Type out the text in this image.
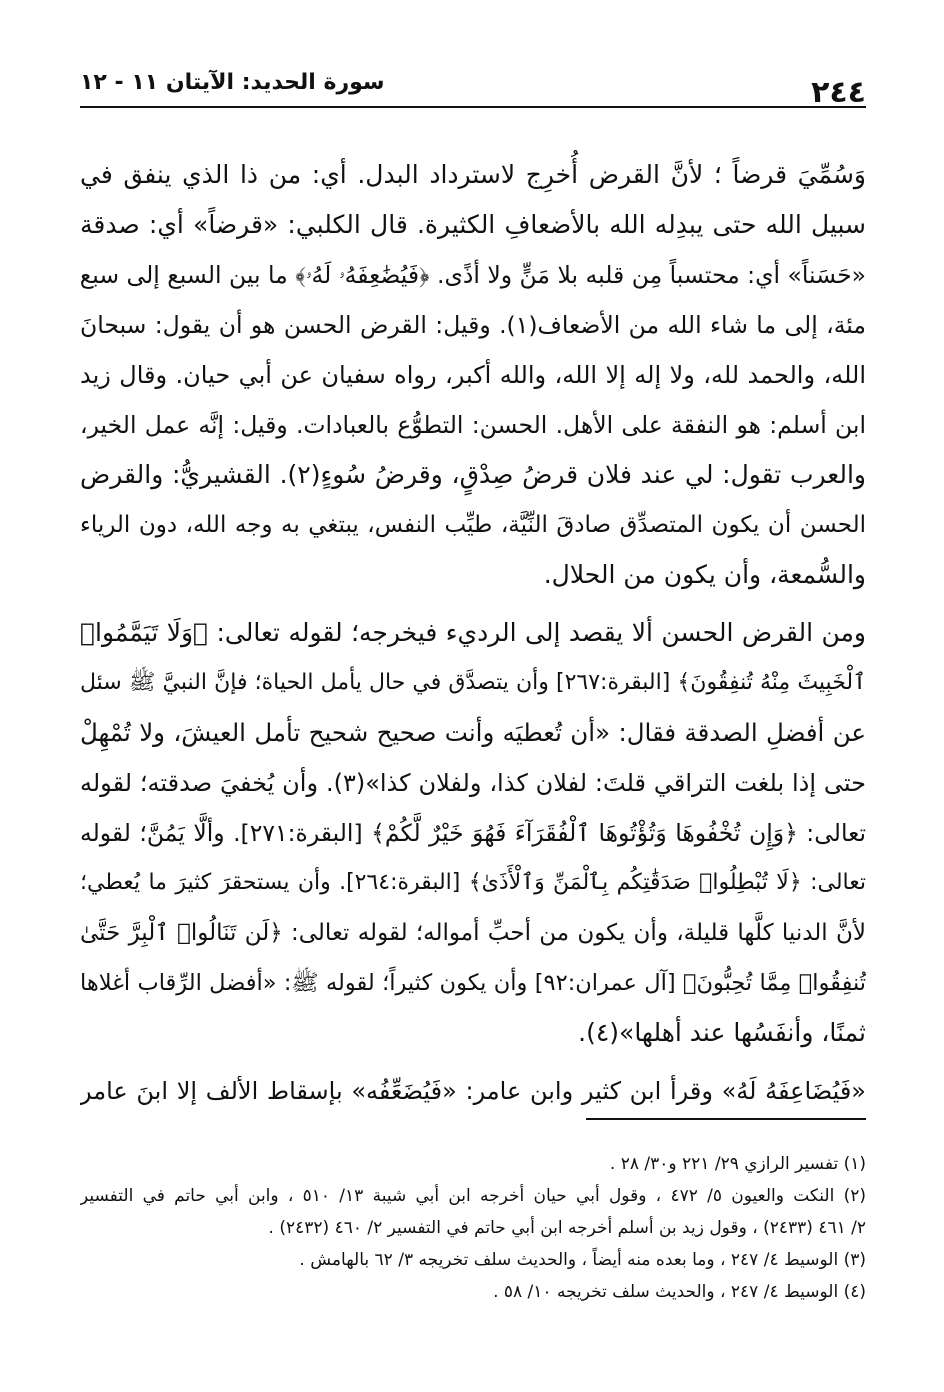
٢٤٤
سورة الحديد: الآيتان ١١ - ١٢
وَسُمِّيَ قرضاً ؛ لأنَّ القرض أُخرِج لاسترداد البدل. أي: من ذا الذي ينفق في
سبيل الله حتى يبدِله الله بالأضعافِ الكثيرة. قال الكلبي: «قرضاً» أي: صدقة
«حَسَناً» أي: محتسباً مِن قلبه بلا مَنٍّ ولا أذًى. ﴿فَيُضَٰعِفَهُۥ لَهُۥ﴾ ما بين السبع إلى سبع
مئة، إلى ما شاء الله من الأضعاف(١). وقيل: القرض الحسن هو أن يقول: سبحانَ
الله، والحمد لله، ولا إله إلا الله، والله أكبر، رواه سفيان عن أبي حيان. وقال زيد
ابن أسلم: هو النفقة على الأهل. الحسن: التطوُّع بالعبادات. وقيل: إنَّه عمل الخير،
والعرب تقول: لي عند فلان قرضُ صِدْقٍ، وقرضُ سُوءٍ(٢). القشيريُّ: والقرض
الحسن أن يكون المتصدِّق صادقَ النِّيَّة، طيِّب النفس، يبتغي به وجه الله، دون الرياء
والسُّمعة، وأن يكون من الحلال.
ومن القرض الحسن ألا يقصد إلى الرديء فيخرجه؛ لقوله تعالى: ﴿وَلَا تَيَمَّمُوا۟
ٱلْخَبِيثَ مِنْهُ تُنفِقُونَ﴾ [البقرة:٢٦٧] وأن يتصدَّق في حال يأمل الحياة؛ فإنَّ النبيَّ ﷺ سئل
عن أفضلِ الصدقة فقال: «أن تُعطيَه وأنت صحيح شحيح تأمل العيشَ، ولا تُمْهِلْ
حتى إذا بلغت التراقي قلتَ: لفلان كذا، ولفلان كذا»(٣). وأن يُخفيَ صدقته؛ لقوله
تعالى: ﴿وَإِن تُخْفُوهَا وَتُؤْتُوهَا ٱلْفُقَرَآءَ فَهُوَ خَيْرٌ لَّكُمْ﴾ [البقرة:٢٧١]. وألَّا يَمُنَّ؛ لقوله
تعالى: ﴿لَا تُبْطِلُوا۟ صَدَقَٰتِكُم بِٱلْمَنِّ وَٱلْأَذَىٰ﴾ [البقرة:٢٦٤]. وأن يستحقرَ كثيرَ ما يُعطي؛
لأنَّ الدنيا كلَّها قليلة، وأن يكون من أحبِّ أمواله؛ لقوله تعالى: ﴿لَن تَنَالُوا۟ ٱلْبِرَّ حَتَّىٰ
تُنفِقُوا۟ مِمَّا تُحِبُّونَ﴾ [آل عمران:٩٢] وأن يكون كثيراً؛ لقوله ﷺ: «أفضل الرِّقاب أغلاها
ثمنًا، وأنفَسُها عند أهلها»(٤).
«فَيُضَاعِفَهُ لَهُ» وقرأ ابن كثير وابن عامر: «فَيُضَعِّفُه» بإسقاط الألف إلا ابنَ عامر
(١) تفسير الرازي ٢٩/ ٢٢١ و٣٠/ ٢٨ .
(٢) النكت والعيون ٥/ ٤٧٢ ، وقول أبي حيان أخرجه ابن أبي شيبة ١٣/ ٥١٠ ، وابن أبي حاتم في التفسير
٢/ ٤٦١ (٢٤٣٣) ، وقول زيد بن أسلم أخرجه ابن أبي حاتم في التفسير ٢/ ٤٦٠ (٢٤٣٢) .
(٣) الوسيط ٤/ ٢٤٧ ، وما بعده منه أيضاً ، والحديث سلف تخريجه ٣/ ٦٢ بالهامش .
(٤) الوسيط ٤/ ٢٤٧ ، والحديث سلف تخريجه ١٠/ ٥٨ .
